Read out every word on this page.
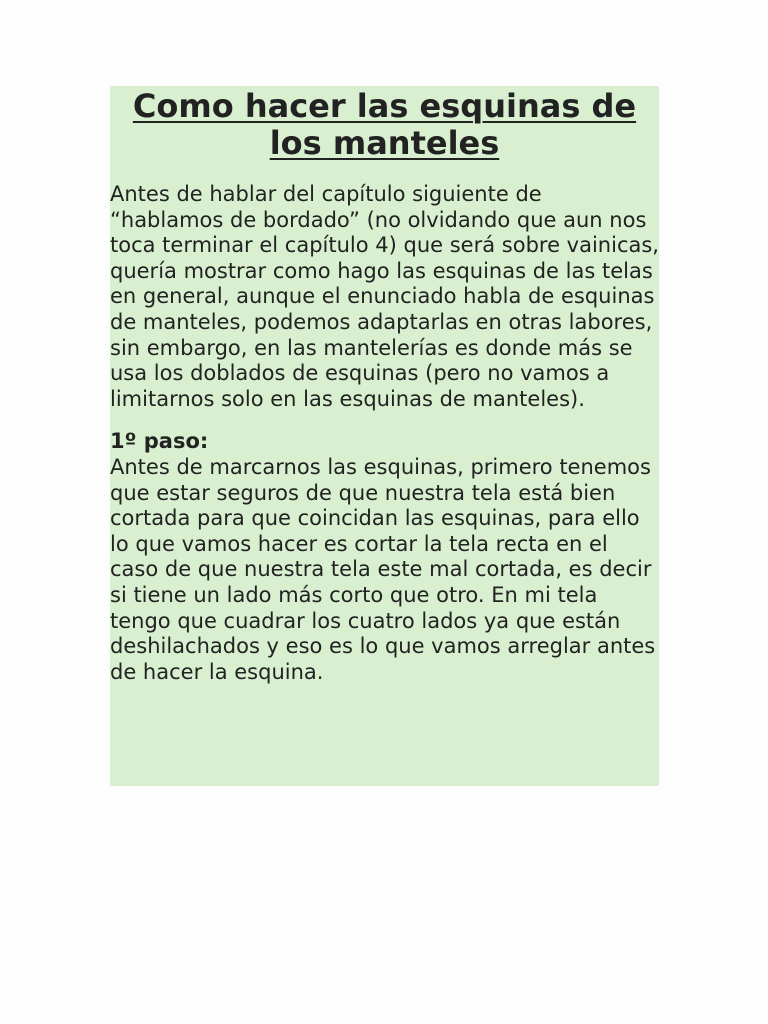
Como hacer las esquinas de los manteles

Antes de hablar del capítulo siguiente de “hablamos de bordado” (no olvidando que aun nos toca terminar el capítulo 4) que será sobre vainicas, quería mostrar como hago las esquinas de las telas en general, aunque el enunciado habla de esquinas de manteles, podemos adaptarlas en otras labores, sin embargo, en las mantelerías es donde más se usa los doblados de esquinas (pero no vamos a limitarnos solo en las esquinas de manteles).

1º paso:

Antes de marcarnos las esquinas, primero tenemos que estar seguros de que nuestra tela está bien cortada para que coincidan las esquinas, para ello lo que vamos hacer es cortar la tela recta en el caso de que nuestra tela este mal cortada, es decir si tiene un lado más corto que otro. En mi tela tengo que cuadrar los cuatro lados ya que están deshilachados y eso es lo que vamos arreglar antes de hacer la esquina.
